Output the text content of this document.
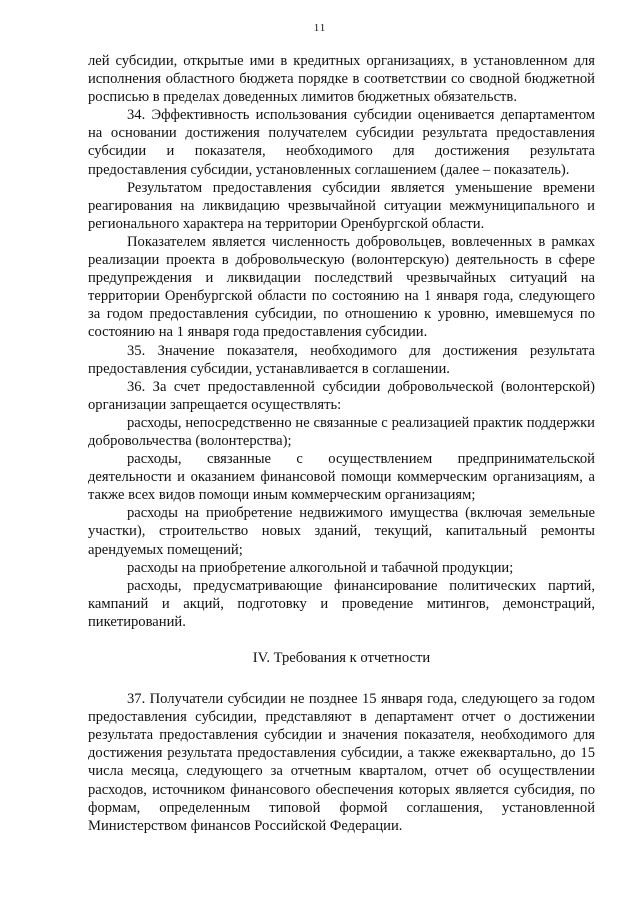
11

лей субсидии, открытые ими в кредитных организациях, в установленном для исполнения областного бюджета порядке в соответствии со сводной бюджетной росписью в пределах доведенных лимитов бюджетных обязательств.

34. Эффективность использования субсидии оценивается департаментом на основании достижения получателем субсидии результата предоставления субсидии и показателя, необходимого для достижения результата предоставления субсидии, установленных соглашением (далее – показатель).

Результатом предоставления субсидии является уменьшение времени реагирования на ликвидацию чрезвычайной ситуации межмуниципального и регионального характера на территории Оренбургской области.

Показателем является численность добровольцев, вовлеченных в рамках реализации проекта в добровольческую (волонтерскую) деятельность в сфере предупреждения и ликвидации последствий чрезвычайных ситуаций на территории Оренбургской области по состоянию на 1 января года, следующего за годом предоставления субсидии, по отношению к уровню, имевшемуся по состоянию на 1 января года предоставления субсидии.

35. Значение показателя, необходимого для достижения результата предоставления субсидии, устанавливается в соглашении.

36. За счет предоставленной субсидии добровольческой (волонтерской) организации запрещается осуществлять:

расходы, непосредственно не связанные с реализацией практик поддержки добровольчества (волонтерства);

расходы, связанные с осуществлением предпринимательской деятельности и оказанием финансовой помощи коммерческим организациям, а также всех видов помощи иным коммерческим организациям;

расходы на приобретение недвижимого имущества (включая земельные участки), строительство новых зданий, текущий, капитальный ремонты арендуемых помещений;

расходы на приобретение алкогольной и табачной продукции;

расходы, предусматривающие финансирование политических партий, кампаний и акций, подготовку и проведение митингов, демонстраций, пикетирований.

IV. Требования к отчетности

37. Получатели субсидии не позднее 15 января года, следующего за годом предоставления субсидии, представляют в департамент отчет о достижении результата предоставления субсидии и значения показателя, необходимого для достижения результата предоставления субсидии, а также ежеквартально, до 15 числа месяца, следующего за отчетным кварталом, отчет об осуществлении расходов, источником финансового обеспечения которых является субсидия, по формам, определенным типовой формой соглашения, установленной Министерством финансов Российской Федерации.
